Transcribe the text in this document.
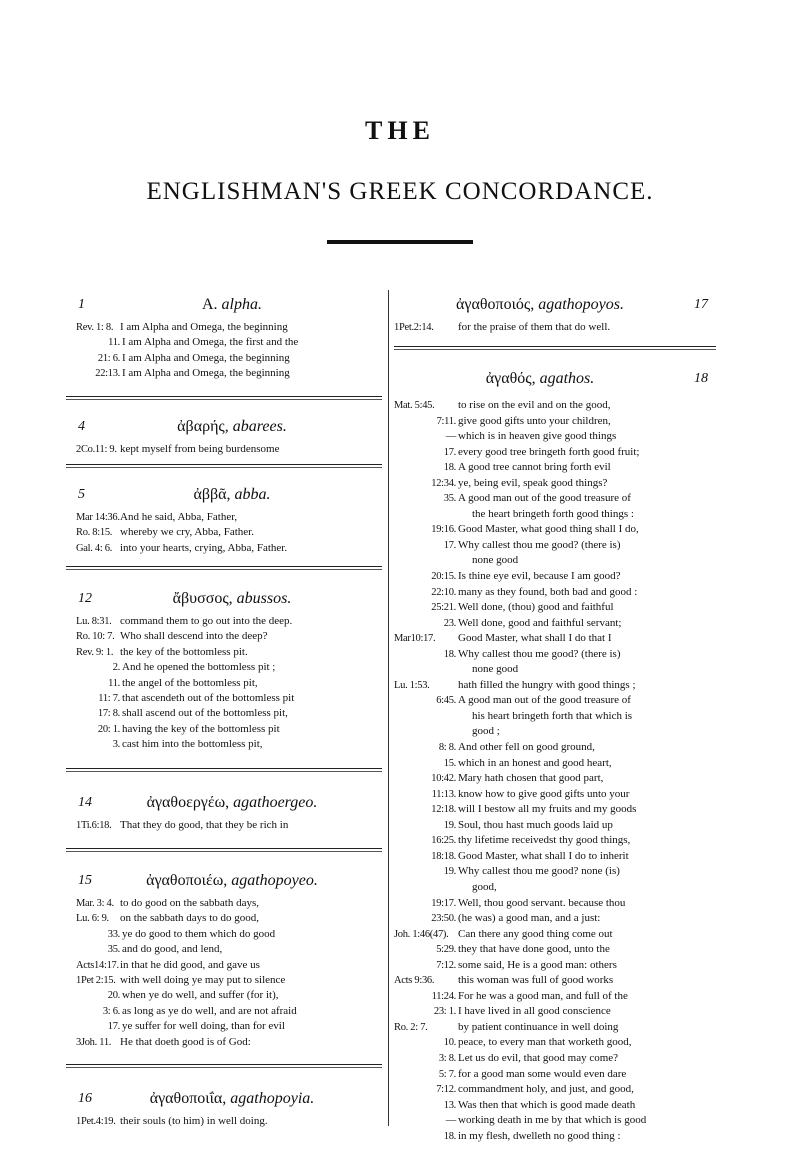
THE
ENGLISHMAN'S GREEK CONCORDANCE.
1	A. alpha.
Rev. 1: 8. I am Alpha and Omega, the beginning
11. I am Alpha and Omega, the first and the
21: 6. I am Alpha and Omega, the beginning
22:13. I am Alpha and Omega, the beginning
4	ἀβαρής, abarees.
2Co.11: 9. kept myself from being burdensome
5	ἀββᾶ, abba.
Mar 14:36.And he said, Abba, Father,
Ro. 8:15. whereby we cry, Abba, Father.
Gal. 4: 6. into your hearts, crying, Abba, Father.
12	ἄβυσσος, abussos.
Lu. 8:31. command them to go out into the deep.
Ro. 10: 7. Who shall descend into the deep?
Rev. 9: 1. the key of the bottomless pit.
2. And he opened the bottomless pit ;
11. the angel of the bottomless pit,
11: 7. that ascendeth out of the bottomless pit
17: 8. shall ascend out of the bottomless pit,
20: 1. having the key of the bottomless pit
3. cast him into the bottomless pit,
14	ἀγαθοεργέω, agathoergeo.
1Ti.6:18. That they do good, that they be rich in
15	ἀγαθοποιέω, agathopoyeo.
Mar. 3: 4. to do good on the sabbath days,
Lu. 6: 9. on the sabbath days to do good,
33. ye do good to them which do good
35. and do good, and lend,
Acts14:17.in that he did good, and gave us
1Pet 2:15. with well doing ye may put to silence
20. when ye do well, and suffer (for it),
3: 6. as long as ye do well, and are not afraid
17. ye suffer for well doing, than for evil
3Joh. 11. He that doeth good is of God:
16	ἀγαθοποιΐα, agathopoyia.
1Pet.4:19. their souls (to him) in well doing.
17
ἀγαθοποιός, agathopoyos.
1Pet.2:14. for the praise of them that do well.
18
ἀγαθός, agathos.
Mat. 5:45. to rise on the evil and on the good,
7:11. give good gifts unto your children,
— which is in heaven give good things
17. every good tree bringeth forth good fruit;
18. A good tree cannot bring forth evil
12:34. ye, being evil, speak good things?
35. A good man out of the good treasure of
the heart bringeth forth good things :
19:16. Good Master, what good thing shall I do,
17. Why callest thou me good? (there is)
none good
20:15. Is thine eye evil, because I am good?
22:10. many as they found, both bad and good :
25:21. Well done, (thou) good and faithful
23. Well done, good and faithful servant;
Mar10:17. Good Master, what shall I do that I
18. Why callest thou me good? (there is)
none good
Lu. 1:53.	hath filled the hungry with good things ;
6:45. A good man out of the good treasure of
his heart bringeth forth that which is
good ;
8: 8. And other fell on good ground,
15. which in an honest and good heart,
10:42. Mary hath chosen that good part,
11:13. know how to give good gifts unto your
12:18. will I bestow all my fruits and my goods
19. Soul, thou hast much goods laid up
16:25. thy lifetime receivedst thy good things,
18:18. Good Master, what shall I do to inherit
19. Why callest thou me good? none (is)
good,
19:17. Well, thou good servant. because thou
23:50. (he was) a good man, and a just:
Joh. 1:46(47). Can there any good thing come out
5:29. they that have done good, unto the
7:12. some said, He is a good man: others
Acts 9:36. this woman was full of good works
11:24. For he was a good man, and full of the
23: 1. I have lived in all good conscience
Ro. 2: 7.	by patient continuance in well doing
10. peace, to every man that worketh good,
3: 8. Let us do evil, that good may come?
5: 7. for a good man some would even dare
7:12. commandment holy, and just, and good,
13. Was then that which is good made death
— working death in me by that which is good
18. in my flesh, dwelleth no good thing :
